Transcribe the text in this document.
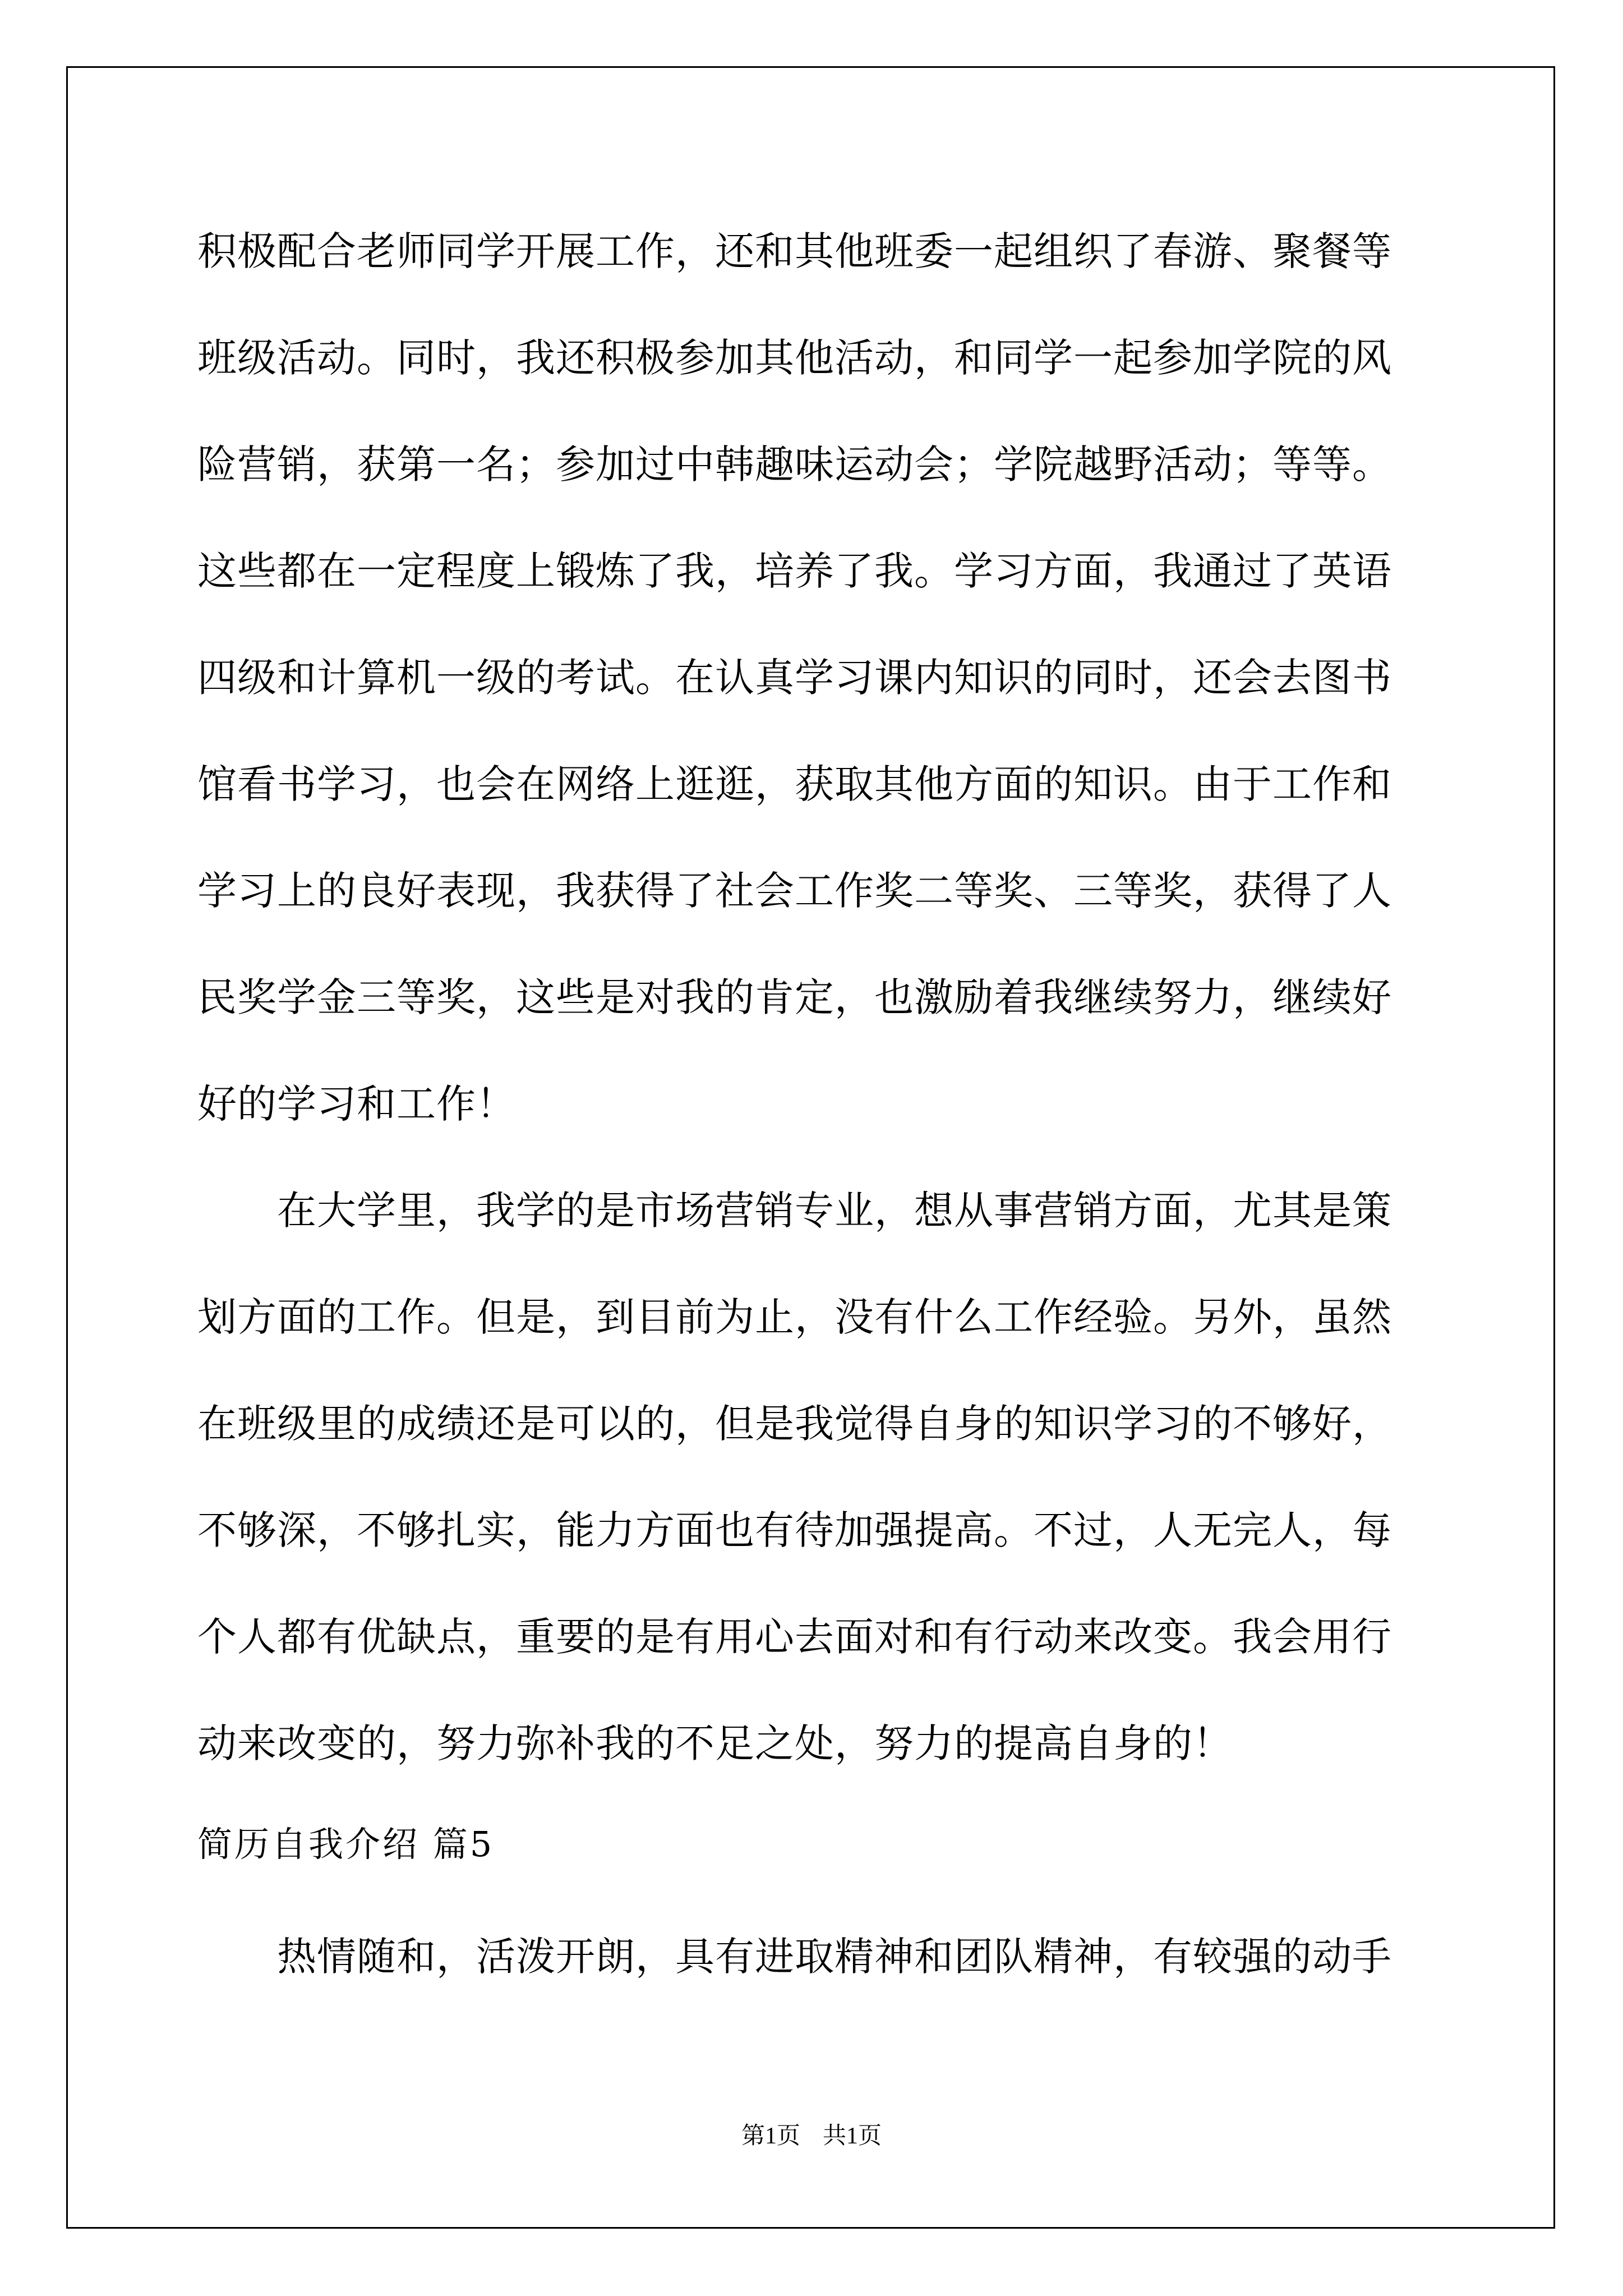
积极配合老师同学开展工作，还和其他班委一起组织了春游、聚餐等
班级活动。同时，我还积极参加其他活动，和同学一起参加学院的风
险营销，获第一名；参加过中韩趣味运动会；学院越野活动；等等。
这些都在一定程度上锻炼了我，培养了我。学习方面，我通过了英语
四级和计算机一级的考试。在认真学习课内知识的同时，还会去图书
馆看书学习，也会在网络上逛逛，获取其他方面的知识。由于工作和
学习上的良好表现，我获得了社会工作奖二等奖、三等奖，获得了人
民奖学金三等奖，这些是对我的肯定，也激励着我继续努力，继续好
好的学习和工作！
　　在大学里，我学的是市场营销专业，想从事营销方面，尤其是策
划方面的工作。但是，到目前为止，没有什么工作经验。另外，虽然
在班级里的成绩还是可以的，但是我觉得自身的知识学习的不够好，
不够深，不够扎实，能力方面也有待加强提高。不过，人无完人，每
个人都有优缺点，重要的是有用心去面对和有行动来改变。我会用行
动来改变的，努力弥补我的不足之处，努力的提高自身的！
简历自我介绍 篇5
　　热情随和，活泼开朗，具有进取精神和团队精神，有较强的动手
第1页 共1页
